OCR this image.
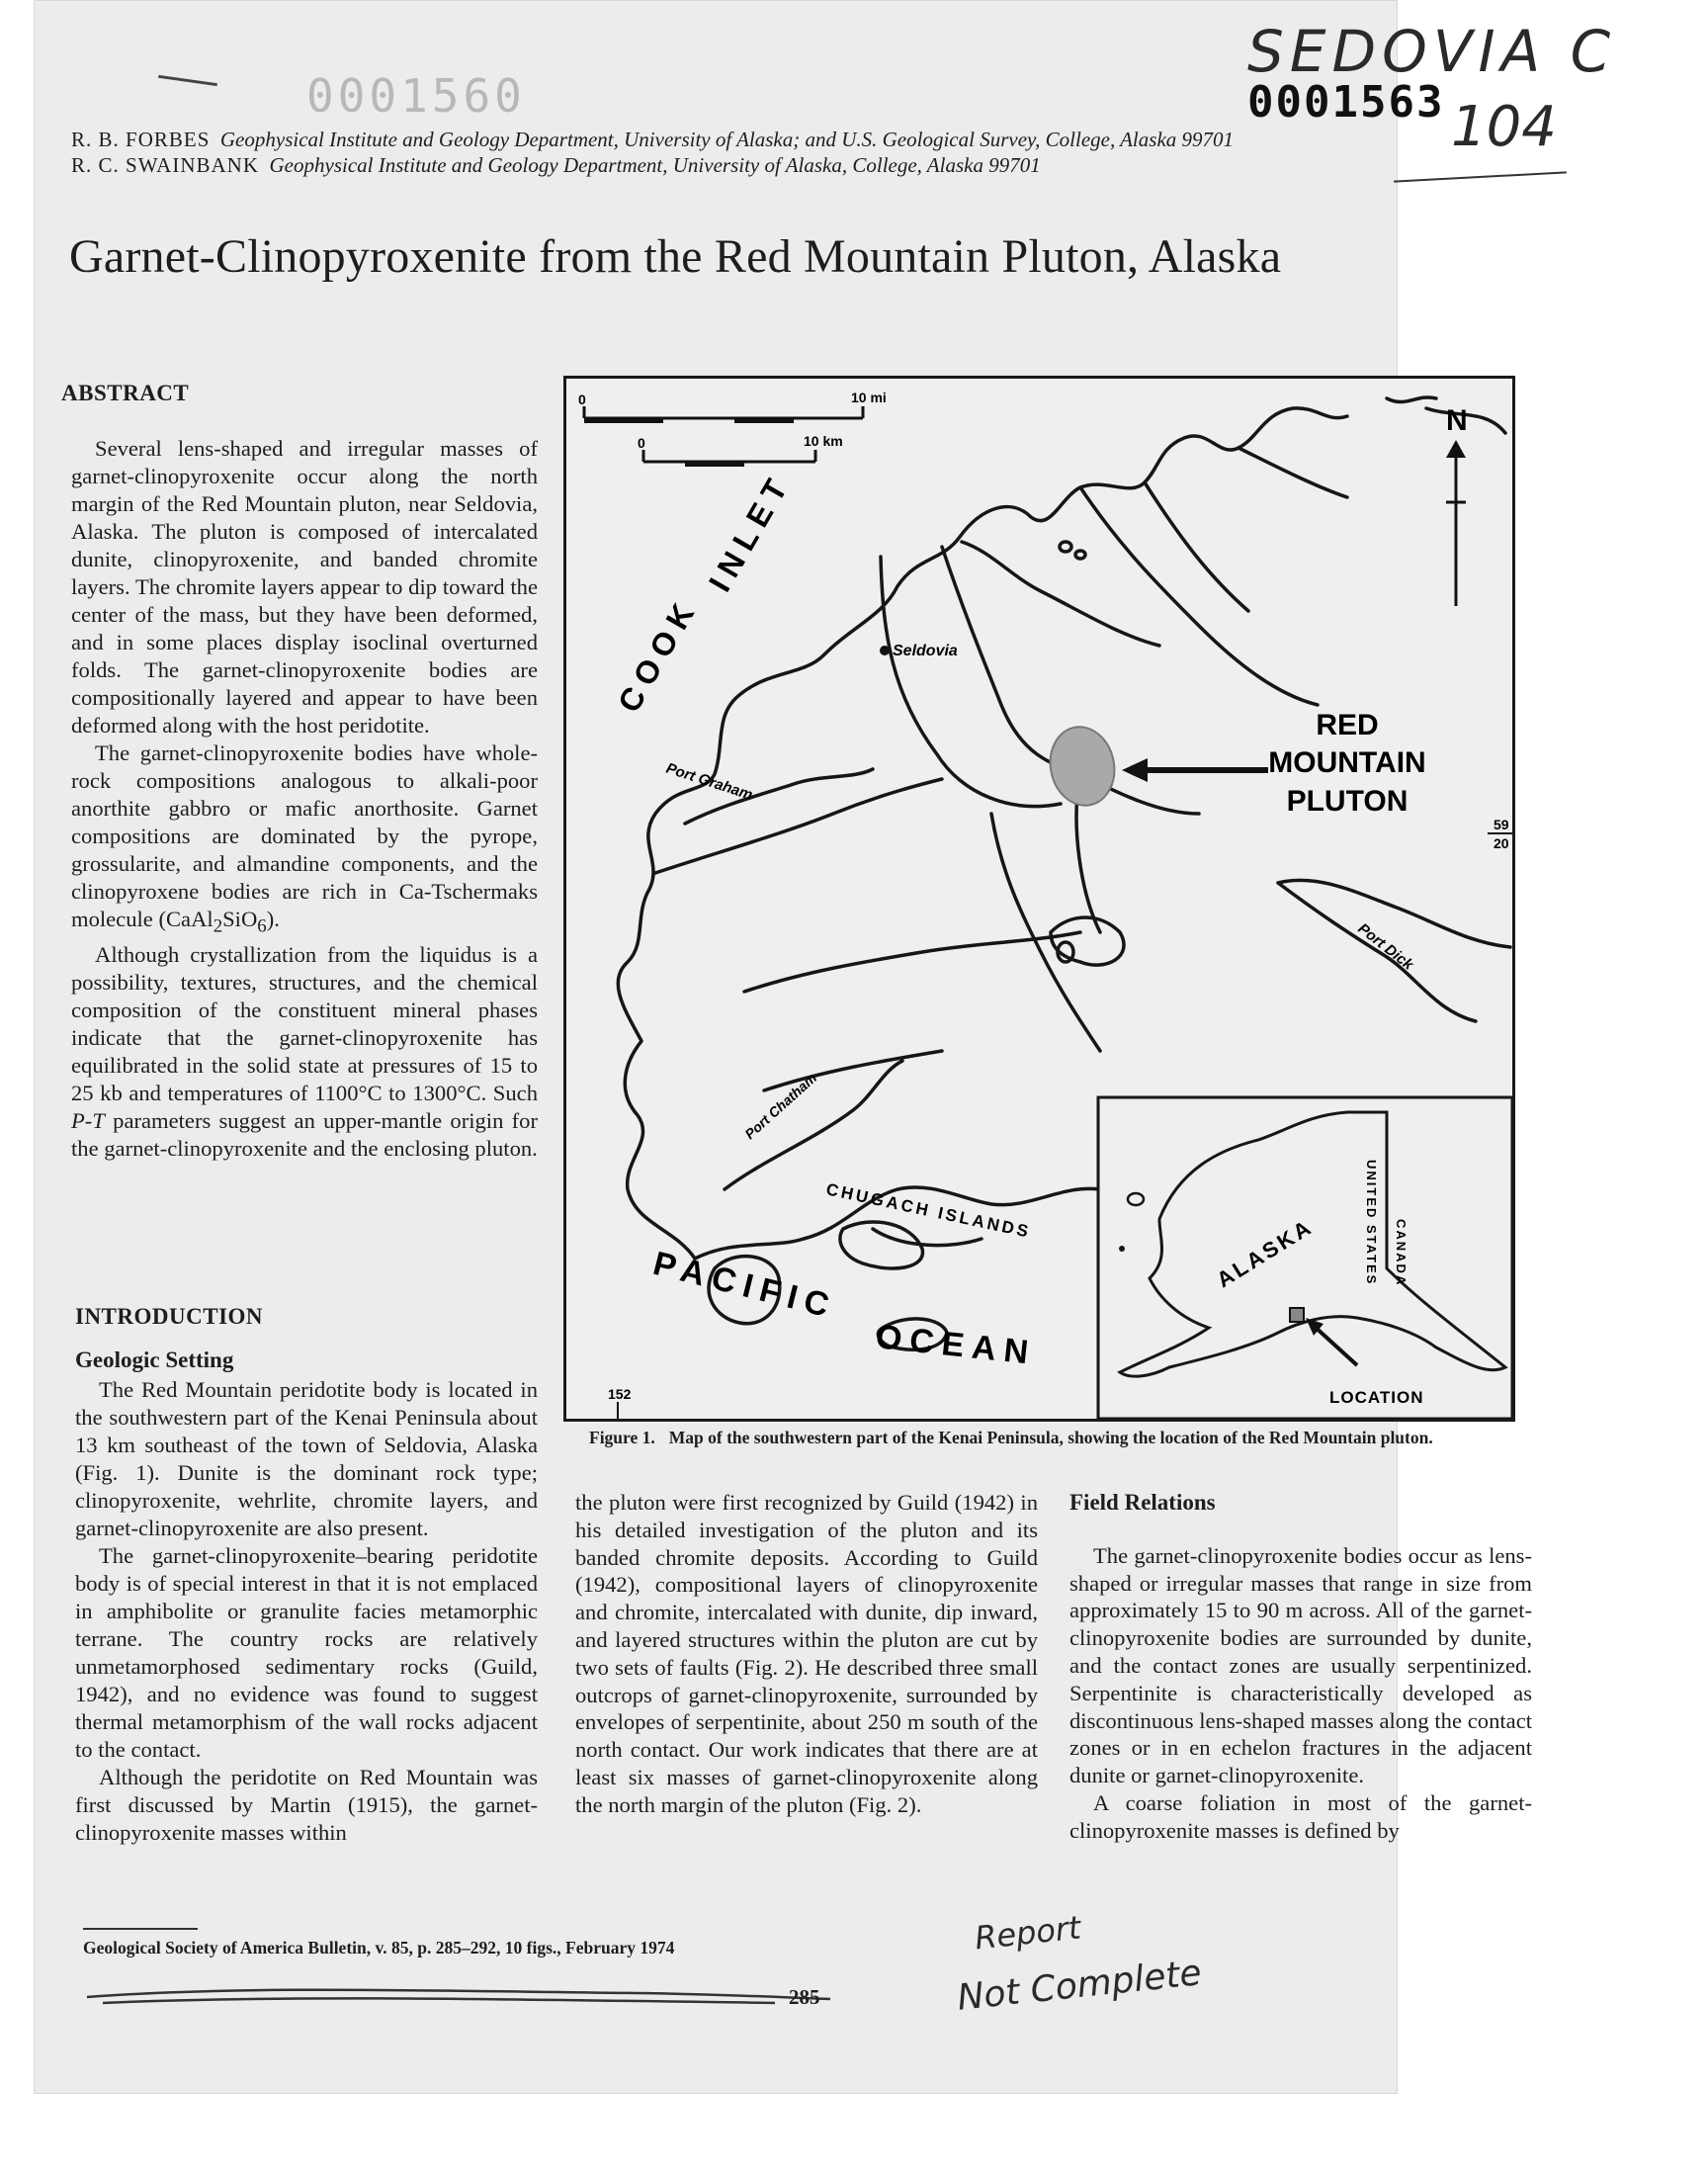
SEDOVIA C
104
0001560	0001563
R. B. FORBES Geophysical Institute and Geology Department, University of Alaska; and U.S. Geological Survey, College, Alaska 99701
R. C. SWAINBANK Geophysical Institute and Geology Department, University of Alaska, College, Alaska 99701
Garnet-Clinopyroxenite from the Red Mountain Pluton, Alaska
ABSTRACT

Several lens-shaped and irregular masses of garnet-clinopyroxenite occur along the north margin of the Red Mountain pluton, near Seldovia, Alaska. The pluton is composed of intercalated dunite, clinopyroxenite, and banded chromite layers. The chromite layers appear to dip toward the center of the mass, but they have been deformed, and in some places display isoclinal overturned folds. The garnet-clinopyroxenite bodies are compositionally layered and appear to have been deformed along with the host peridotite.

The garnet-clinopyroxenite bodies have whole-rock compositions analogous to alkali-poor anorthite gabbro or mafic anorthosite. Garnet compositions are dominated by the pyrope, grossularite, and almandine components, and the clinopyroxene bodies are rich in Ca-Tschermaks molecule (CaAl$_2$SiO$_6$).

Although crystallization from the liquidus is a possibility, textures, structures, and the chemical composition of the constituent mineral phases indicate that the garnet-clinopyroxenite has equilibrated in the solid state at pressures of 15 to 25 kb and temperatures of 1100°C to 1300°C. Such P-T parameters suggest an upper-mantle origin for the garnet-clinopyroxenite and the enclosing pluton.

INTRODUCTION
Geologic Setting

The Red Mountain peridotite body is located in the southwestern part of the Kenai Peninsula about 13 km southeast of the town of Seldovia, Alaska (Fig. 1). Dunite is the dominant rock type; clinopyroxenite, wehrlite, chromite layers, and garnet-clinopyroxenite are also present.

The garnet-clinopyroxenite–bearing peridotite body is of special interest in that it is not emplaced in amphibolite or granulite facies metamorphic terrane. The country rocks are relatively unmetamorphosed sedimentary rocks (Guild, 1942), and no evidence was found to suggest thermal metamorphism of the wall rocks adjacent to the contact.

Although the peridotite on Red Mountain was first discussed by Martin (1915), the garnet-clinopyroxenite masses within

the pluton were first recognized by Guild (1942) in his detailed investigation of the pluton and its banded chromite deposits. According to Guild (1942), compositional layers of clinopyroxenite and chromite, intercalated with dunite, dip inward, and layered structures within the pluton are cut by two sets of faults (Fig. 2). He described three small outcrops of garnet-clinopyroxenite, surrounded by envelopes of serpentinite, about 250 m south of the north contact. Our work indicates that there are at least six masses of garnet-clinopyroxenite along the north margin of the pluton (Fig. 2).

Field Relations

The garnet-clinopyroxenite bodies occur as lens-shaped or irregular masses that range in size from approximately 15 to 90 m across. All of the garnet-clinopyroxenite bodies are surrounded by dunite, and the contact zones are usually serpentinized. Serpentinite is characteristically developed as discontinuous lens-shaped masses along the contact zones or in en echelon fractures in the adjacent dunite or garnet-clinopyroxenite.

A coarse foliation in most of the garnet-clinopyroxenite masses is defined by

0	10 mi
0	10 km
N
COOK
INLET
Seldovia
Port Graham
Port Chatham
Port Dick
RED
MOUNTAIN
PLUTON
59
20
152
CHUGACH ISLANDS
PACIFIC
OCEAN
ALASKA	CANADA
UNITED STATES
LOCATION
Figure 1. Map of the southwestern part of the Kenai Peninsula, showing the location of the Red Mountain pluton.
Geological Society of America Bulletin, v. 85, p. 285–292, 10 figs., February 1974
285
Report
Not Complete
